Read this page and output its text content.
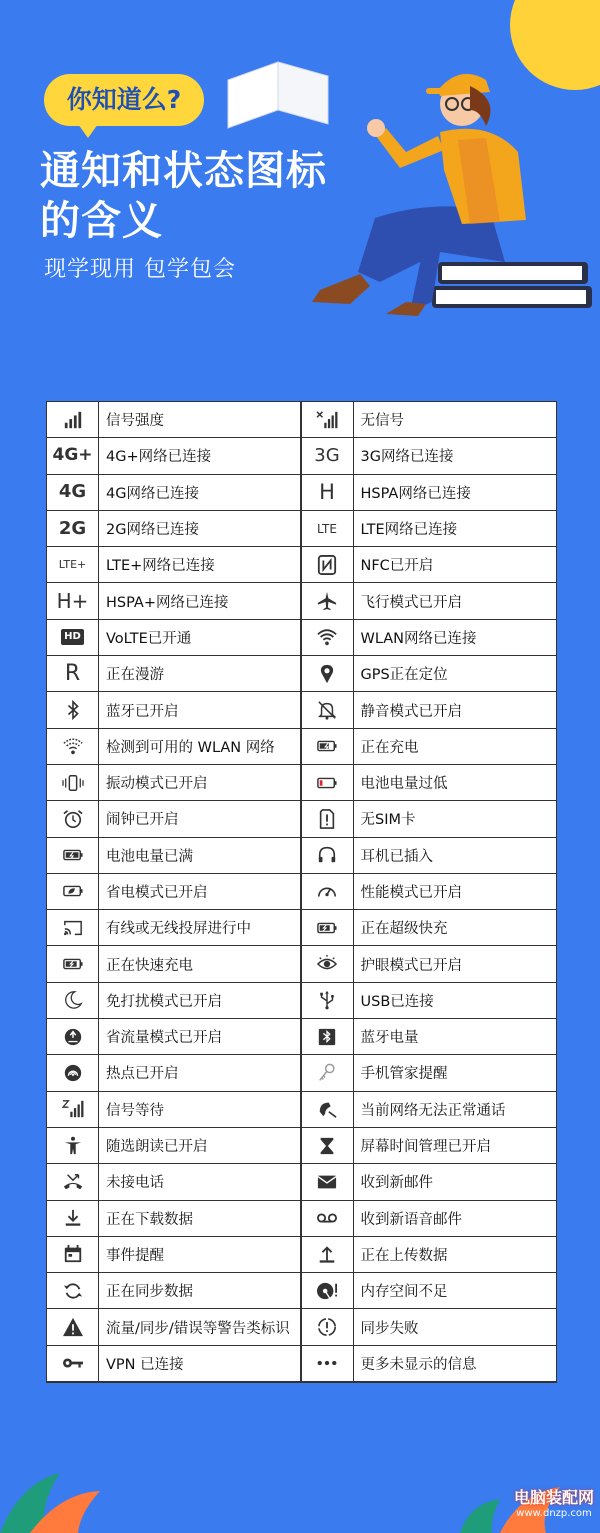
你知道么?
通知和状态图标
的含义
现学现用 包学包会
信号强度	无信号
4G+ 4G+网络已连接	3G	3G网络已连接
4G	4G网络已连接	H	HSPA网络已连接
2G	2G网络已连接	LTE	LTE网络已连接
LTE+	LTE+网络已连接	NFC已开启
H+	HSPA+网络已连接	飞行模式已开启
HD	VoLTE已开通	WLAN网络已连接
R	正在漫游	GPS正在定位
蓝牙已开启	静音模式已开启
检测到可用的 WLAN 网络	正在充电
振动模式已开启	电池电量过低
闹钟已开启	无SIM卡
电池电量已满	耳机已插入
省电模式已开启	性能模式已开启
有线或无线投屏进行中	正在超级快充
正在快速充电	护眼模式已开启
免打扰模式已开启	USB已连接
省流量模式已开启	蓝牙电量
热点已开启	手机管家提醒
信号等待	当前网络无法正常通话
随选朗读已开启	屏幕时间管理已开启
未接电话	收到新邮件
正在下载数据	收到新语音邮件
事件提醒	正在上传数据
正在同步数据	内存空间不足
流量/同步/错误等警告类标识	同步失败
VPN 已连接	更多未显示的信息
电脑装配网
www.dnzp.com
